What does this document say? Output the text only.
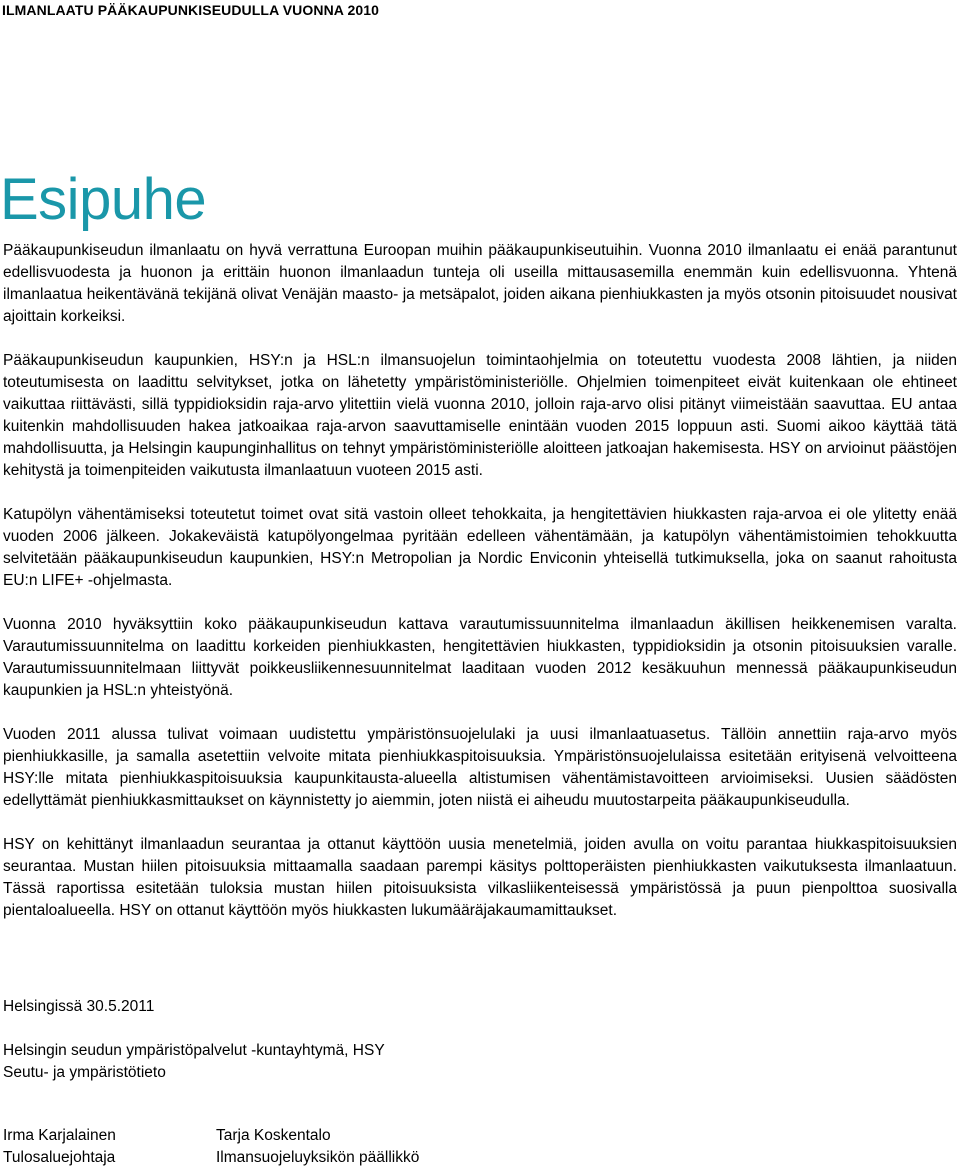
ILMANLAATU PÄÄKAUPUNKISEUDULLA VUONNA 2010
Esipuhe

Pääkaupunkiseudun ilmanlaatu on hyvä verrattuna Euroopan muihin pääkaupunkiseutuihin. Vuonna 2010 ilmanlaatu ei enää parantunut edellisvuodesta ja huonon ja erittäin huonon ilmanlaadun tunteja oli useilla mittausasemilla enemmän kuin edellisvuonna. Yhtenä ilmanlaatua heikentävänä tekijänä olivat Venäjän maasto- ja metsäpalot, joiden aikana pienhiukkasten ja myös otsonin pitoisuudet nousivat ajoittain korkeiksi.

Pääkaupunkiseudun kaupunkien, HSY:n ja HSL:n ilmansuojelun toimintaohjelmia on toteutettu vuodesta 2008 lähtien, ja niiden toteutumisesta on laadittu selvitykset, jotka on lähetetty ympäristöministeriölle. Ohjelmien toimenpiteet eivät kuitenkaan ole ehtineet vaikuttaa riittävästi, sillä typpidioksidin raja-arvo ylitettiin vielä vuonna 2010, jolloin raja-arvo olisi pitänyt viimeistään saavuttaa. EU antaa kuitenkin mahdollisuuden hakea jatkoaikaa raja-arvon saavuttamiselle enintään vuoden 2015 loppuun asti. Suomi aikoo käyttää tätä mahdollisuutta, ja Helsingin kaupunginhallitus on tehnyt ympäristöministeriölle aloitteen jatkoajan hakemisesta. HSY on arvioinut päästöjen kehitystä ja toimenpiteiden vaikutusta ilmanlaatuun vuoteen 2015 asti.

Katupölyn vähentämiseksi toteutetut toimet ovat sitä vastoin olleet tehokkaita, ja hengitettävien hiukkasten raja-arvoa ei ole ylitetty enää vuoden 2006 jälkeen. Jokakeväistä katupölyongelmaa pyritään edelleen vähentämään, ja katupölyn vähentämistoimien tehokkuutta selvitetään pääkaupunkiseudun kaupunkien, HSY:n Metropolian ja Nordic Enviconin yhteisellä tutkimuksella, joka on saanut rahoitusta EU:n LIFE+ -ohjelmasta.

Vuonna 2010 hyväksyttiin koko pääkaupunkiseudun kattava varautumissuunnitelma ilmanlaadun äkillisen heikkenemisen varalta. Varautumissuunnitelma on laadittu korkeiden pienhiukkasten, hengitettävien hiukkasten, typpidioksidin ja otsonin pitoisuuksien varalle. Varautumissuunnitelmaan liittyvät poikkeusliikennesuunnitelmat laaditaan vuoden 2012 kesäkuuhun mennessä pääkaupunkiseudun kaupunkien ja HSL:n yhteistyönä.

Vuoden 2011 alussa tulivat voimaan uudistettu ympäristönsuojelulaki ja uusi ilmanlaatuasetus. Tällöin annettiin raja-arvo myös pienhiukkasille, ja samalla asetettiin velvoite mitata pienhiukkaspitoisuuksia. Ympäristönsuojelulaissa esitetään erityisenä velvoitteena HSY:lle mitata pienhiukkaspitoisuuksia kaupunkitausta-alueella altistumisen vähentämistavoitteen arvioimiseksi. Uusien säädösten edellyttämät pienhiukkasmittaukset on käynnistetty jo aiemmin, joten niistä ei aiheudu muutostarpeita pääkaupunkiseudulla.

HSY on kehittänyt ilmanlaadun seurantaa ja ottanut käyttöön uusia menetelmiä, joiden avulla on voitu parantaa hiukkaspitoisuuksien seurantaa. Mustan hiilen pitoisuuksia mittaamalla saadaan parempi käsitys polttoperäisten pienhiukkasten vaikutuksesta ilmanlaatuun. Tässä raportissa esitetään tuloksia mustan hiilen pitoisuuksista vilkasliikenteisessä ympäristössä ja puun pienpolttoa suosivalla pientaloalueella. HSY on ottanut käyttöön myös hiukkasten lukumääräjakaumamittaukset.

Helsingissä 30.5.2011
Helsingin seudun ympäristöpalvelut -kuntayhtymä, HSY
Seutu- ja ympäristötieto
Irma Karjalainen
Tulosaluejohtaja
Tarja Koskentalo
Ilmansuojeluyksikön päällikkö
